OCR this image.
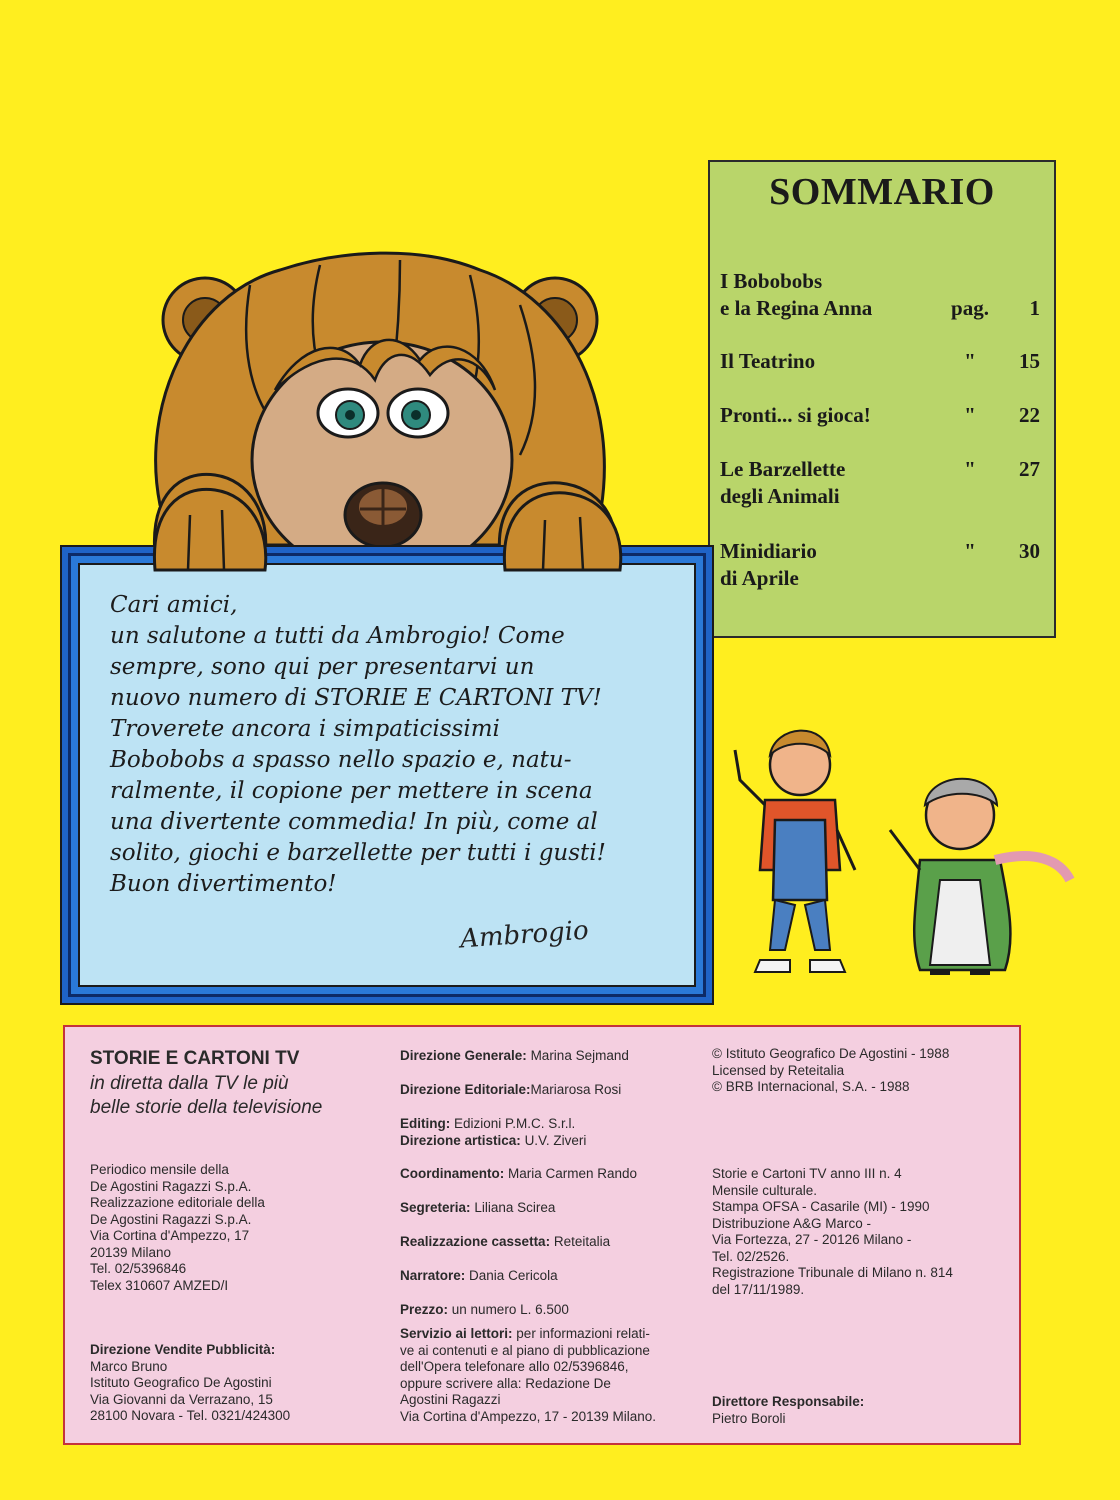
SOMMARIO
I Bobobobs
e la Regina Anna	pag.	1
Il Teatrino	"	15
Pronti... si gioca!	"	22
Le Barzellette
degli Animali
"	27
Minidiario
di Aprile
"	30
Cari amici,
un salutone a tutti da Ambrogio! Come
sempre, sono qui per presentarvi un
nuovo numero di STORIE E CARTONI TV!
Troverete ancora i simpaticissimi
Bobobobs a spasso nello spazio e, natu-
ralmente, il copione per mettere in scena
una divertente commedia! In più, come al
solito, giochi e barzellette per tutti i gusti!
Buon divertimento!
Ambrogio
STORIE E CARTONI TV
in diretta dalla TV le più
belle storie della televisione
Periodico mensile della
De Agostini Ragazzi S.p.A.
Realizzazione editoriale della
De Agostini Ragazzi S.p.A.
Via Cortina d'Ampezzo, 17
20139 Milano
Tel. 02/5396846
Telex 310607 AMZED/I
Direzione Vendite Pubblicità:
Marco Bruno
Istituto Geografico De Agostini
Via Giovanni da Verrazano, 15
28100 Novara - Tel. 0321/424300
Direzione Generale: Marina Sejmand
Direzione Editoriale:Mariarosa Rosi
Editing: Edizioni P.M.C. S.r.l.
Direzione artistica: U.V. Ziveri
Coordinamento: Maria Carmen Rando
Segreteria: Liliana Scirea
Realizzazione cassetta: Reteitalia
Narratore: Dania Cericola
Prezzo: un numero L. 6.500
Servizio ai lettori: per informazioni relati-
ve ai contenuti e al piano di pubblicazione
dell'Opera telefonare allo 02/5396846,
oppure scrivere alla: Redazione De
Agostini Ragazzi
Via Cortina d'Ampezzo, 17 - 20139 Milano.
© Istituto Geografico De Agostini - 1988
Licensed by Reteitalia
© BRB Internacional, S.A. - 1988
Storie e Cartoni TV anno III n. 4
Mensile culturale.
Stampa OFSA - Casarile (MI) - 1990
Distribuzione A&G Marco -
Via Fortezza, 27 - 20126 Milano -
Tel. 02/2526.
Registrazione Tribunale di Milano n. 814
del 17/11/1989.
Direttore Responsabile:
Pietro Boroli
